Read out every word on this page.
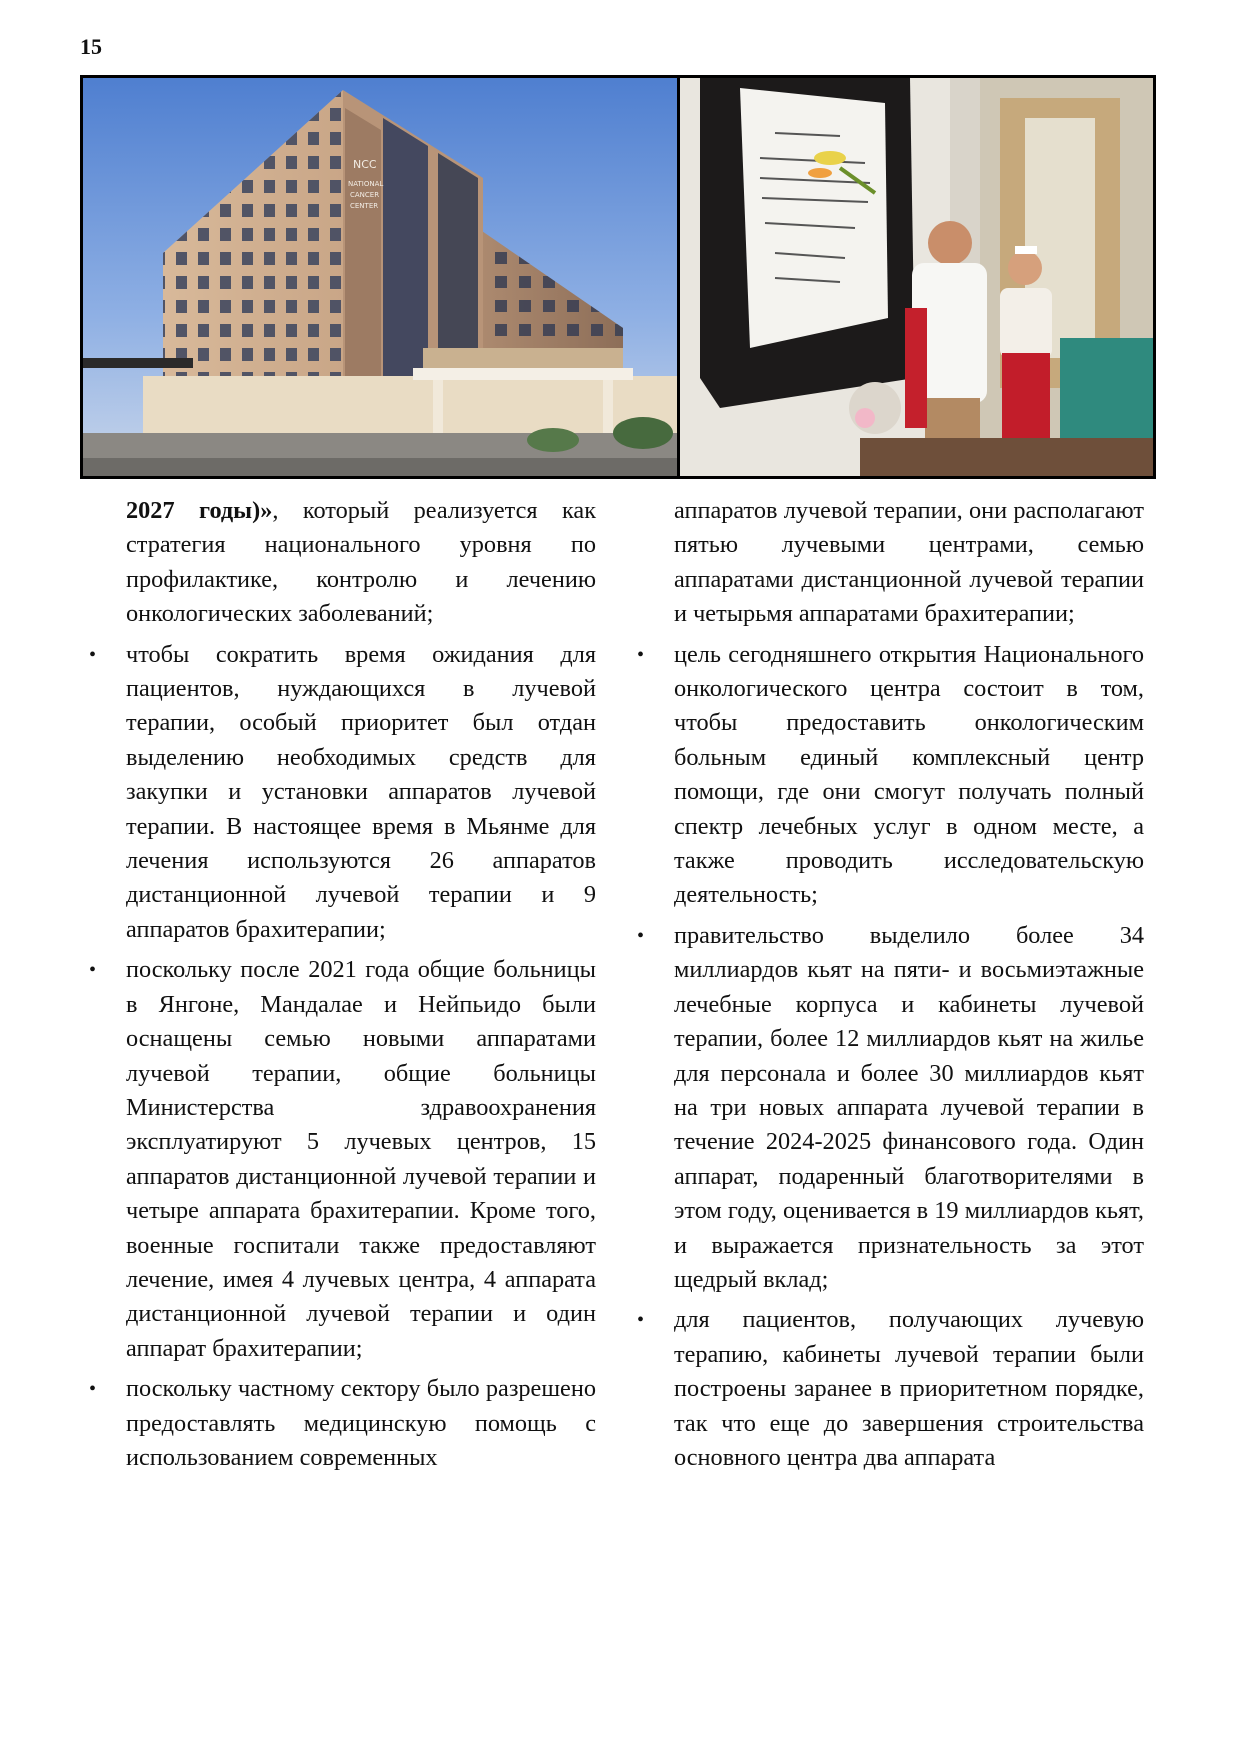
15
NCC
NATIONAL
CANCER
CENTER

2027 годы)», который реализуется как стратегия национального уровня по профилактике, контролю и лечению онкологических заболеваний;

• чтобы сократить время ожидания для пациентов, нуждающихся в лучевой терапии, особый приоритет был отдан выделению необходимых средств для закупки и установки аппаратов лучевой терапии. В настоящее время в Мьянме для лечения используются 26 аппаратов дистанционной лучевой терапии и 9 аппаратов брахитерапии;
• поскольку после 2021 года общие больницы в Янгоне, Мандалае и Нейпьидо были оснащены семью новыми аппаратами лучевой терапии, общие больницы Министерства здравоохранения эксплуатируют 5 лучевых центров, 15 аппаратов дистанционной лучевой терапии и четыре аппарата брахитерапии. Кроме того, военные госпитали также предоставляют лечение, имея 4 лучевых центра, 4 аппарата дистанционной лучевой терапии и один аппарат брахитерапии;
• поскольку частному сектору было разрешено предоставлять медицинскую помощь с использованием современных

аппаратов лучевой терапии, они располагают пятью лучевыми центрами, семью аппаратами дистанционной лучевой терапии и четырьмя аппаратами брахитерапии;

• цель сегодняшнего открытия Национального онкологического центра состоит в том, чтобы предоставить онкологическим больным единый комплексный центр помощи, где они смогут получать полный спектр лечебных услуг в одном месте, а также проводить исследовательскую деятельность;
• правительство выделило более 34 миллиардов кьят на пяти- и восьмиэтажные лечебные корпуса и кабинеты лучевой терапии, более 12 миллиардов кьят на жилье для персонала и более 30 миллиардов кьят на три новых аппарата лучевой терапии в течение 2024-2025 финансового года. Один аппарат, подаренный благотворителями в этом году, оценивается в 19 миллиардов кьят, и выражается признательность за этот щедрый вклад;
• для пациентов, получающих лучевую терапию, кабинеты лучевой терапии были построены заранее в приоритетном порядке, так что еще до завершения строительства основного центра два аппарата
